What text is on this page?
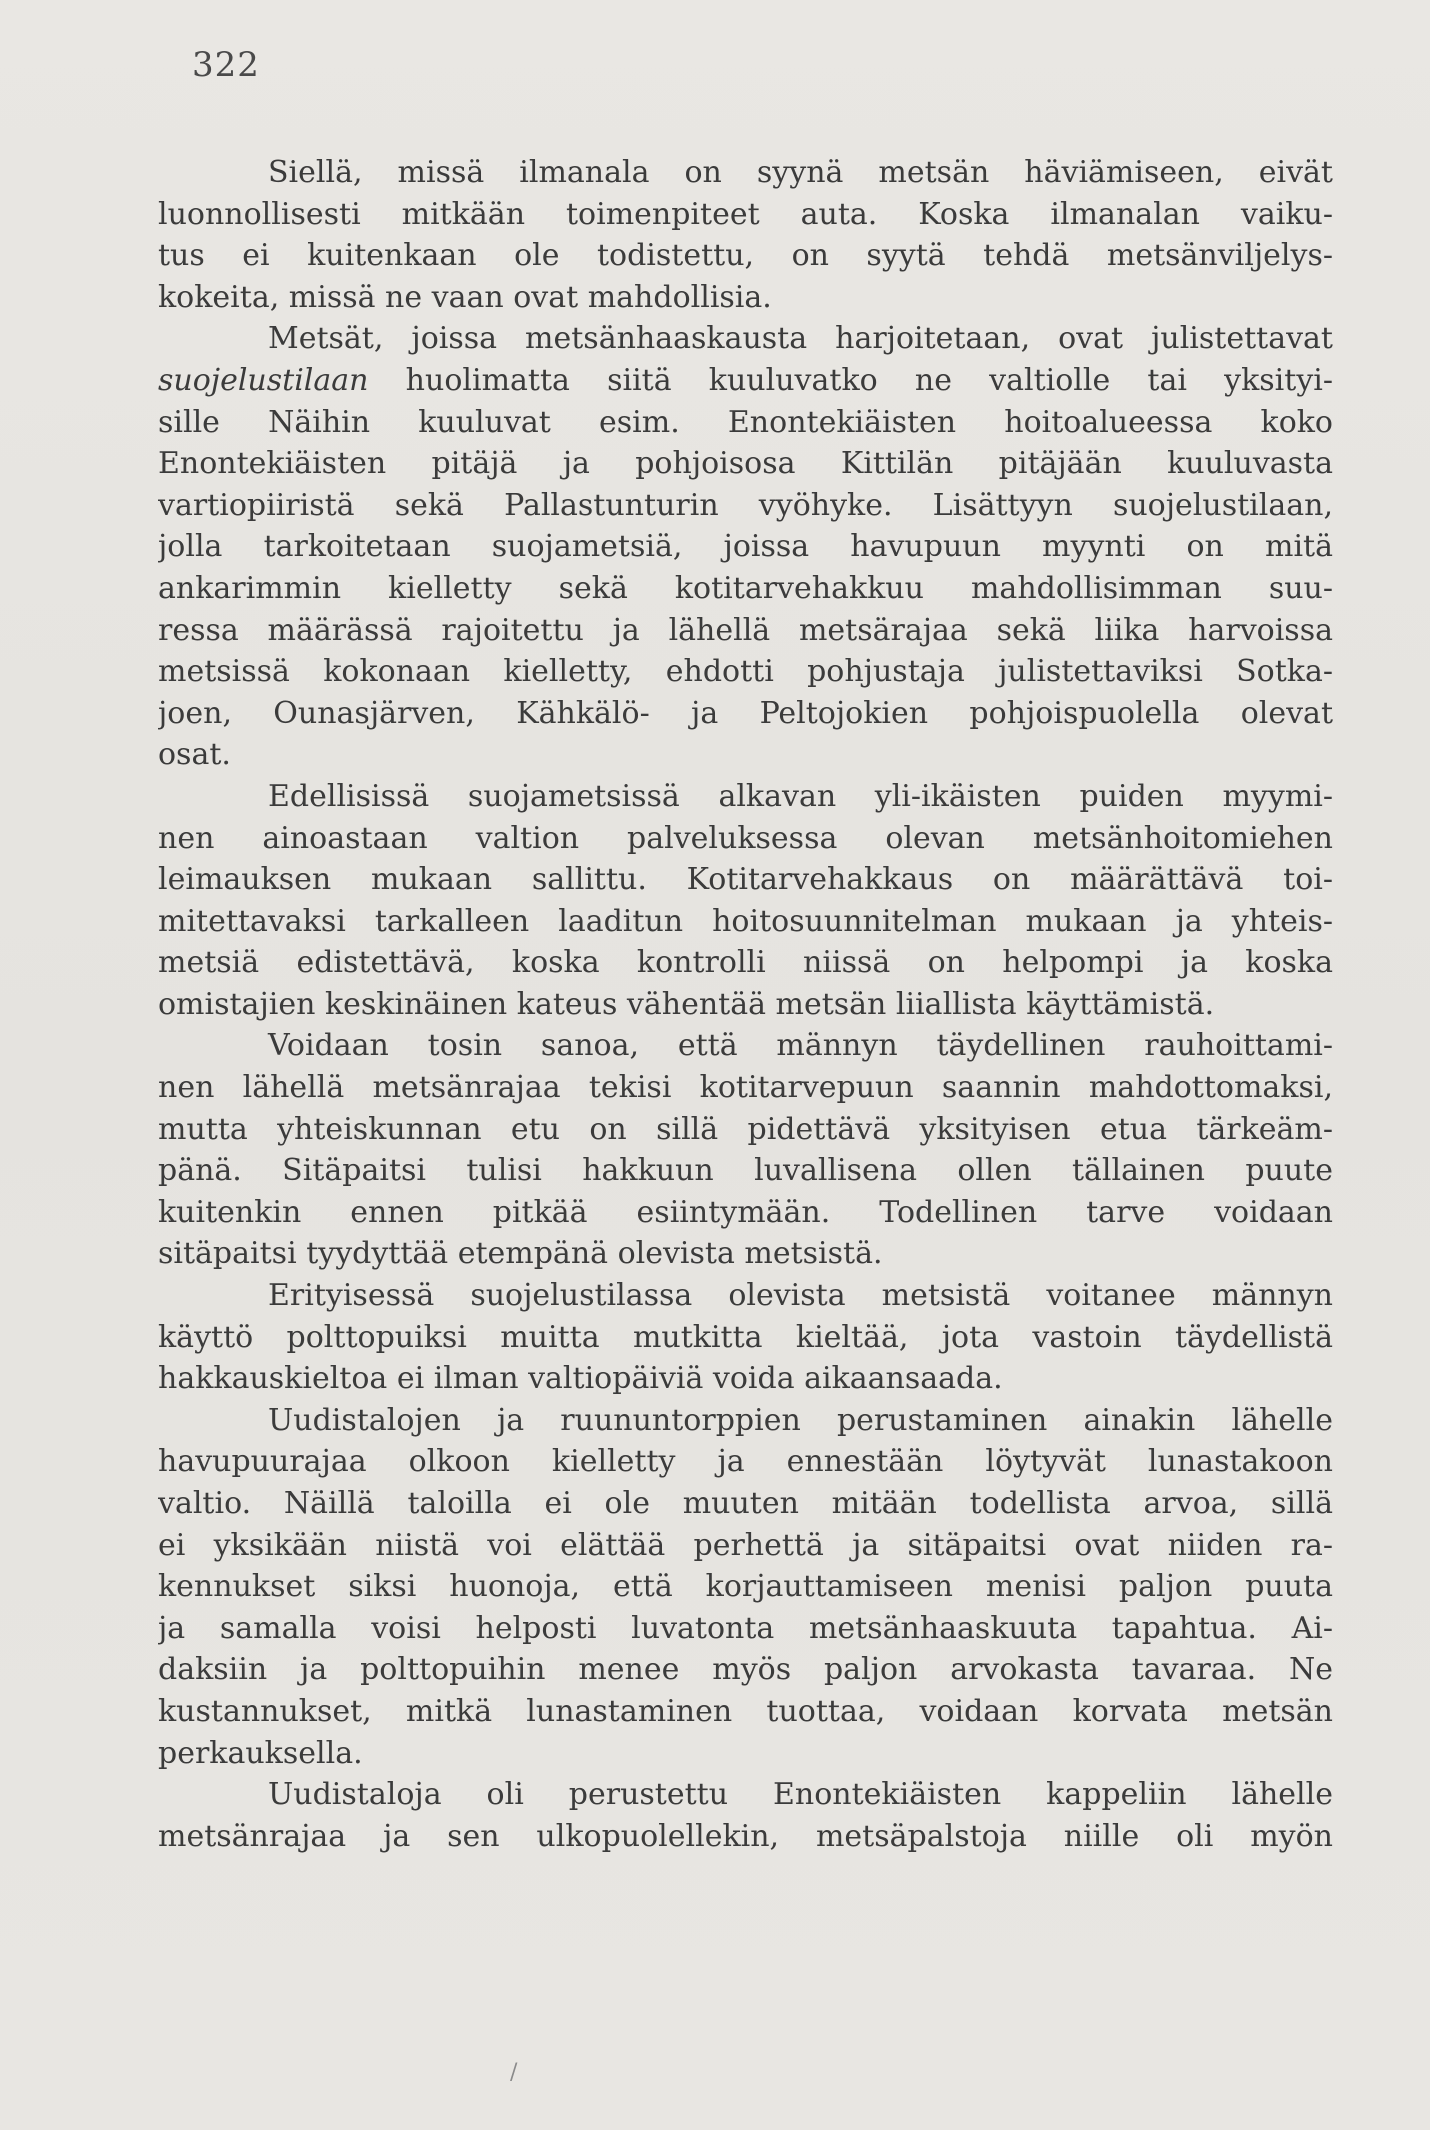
322
Siellä, missä ilmanala on syynä metsän häviämiseen, eivät
luonnollisesti mitkään toimenpiteet auta. Koska ilmanalan vaiku-
tus ei kuitenkaan ole todistettu, on syytä tehdä metsänviljelys-
kokeita, missä ne vaan ovat mahdollisia.
Metsät, joissa metsänhaaskausta harjoitetaan, ovat julistettavat
suojelustilaan huolimatta siitä kuuluvatko ne valtiolle tai yksityi-
sille Näihin kuuluvat esim. Enontekiäisten hoitoalueessa koko
Enontekiäisten pitäjä ja pohjoisosa Kittilän pitäjään kuuluvasta
vartiopiiristä sekä Pallastunturin vyöhyke. Lisättyyn suojelustilaan,
jolla tarkoitetaan suojametsiä, joissa havupuun myynti on mitä
ankarimmin kielletty sekä kotitarvehakkuu mahdollisimman suu-
ressa määrässä rajoitettu ja lähellä metsärajaa sekä liika harvoissa
metsissä kokonaan kielletty, ehdotti pohjustaja julistettaviksi Sotka-
joen, Ounasjärven, Kähkälö- ja Peltojokien pohjoispuolella olevat
osat.
Edellisissä suojametsissä alkavan yli-ikäisten puiden myymi-
nen ainoastaan valtion palveluksessa olevan metsänhoitomiehen
leimauksen mukaan sallittu. Kotitarvehakkaus on määrättävä toi-
mitettavaksi tarkalleen laaditun hoitosuunnitelman mukaan ja yhteis-
metsiä edistettävä, koska kontrolli niissä on helpompi ja koska
omistajien keskinäinen kateus vähentää metsän liiallista käyttämistä.
Voidaan tosin sanoa, että männyn täydellinen rauhoittami-
nen lähellä metsänrajaa tekisi kotitarvepuun saannin mahdottomaksi,
mutta yhteiskunnan etu on sillä pidettävä yksityisen etua tärkeäm-
pänä. Sitäpaitsi tulisi hakkuun luvallisena ollen tällainen puute
kuitenkin ennen pitkää esiintymään. Todellinen tarve voidaan
sitäpaitsi tyydyttää etempänä olevista metsistä.
Erityisessä suojelustilassa olevista metsistä voitanee männyn
käyttö polttopuiksi muitta mutkitta kieltää, jota vastoin täydellistä
hakkauskieltoa ei ilman valtiopäiviä voida aikaansaada.
Uudistalojen ja ruununtorppien perustaminen ainakin lähelle
havupuurajaa olkoon kielletty ja ennestään löytyvät lunastakoon
valtio. Näillä taloilla ei ole muuten mitään todellista arvoa, sillä
ei yksikään niistä voi elättää perhettä ja sitäpaitsi ovat niiden ra-
kennukset siksi huonoja, että korjauttamiseen menisi paljon puuta
ja samalla voisi helposti luvatonta metsänhaaskuuta tapahtua. Ai-
daksiin ja polttopuihin menee myös paljon arvokasta tavaraa. Ne
kustannukset, mitkä lunastaminen tuottaa, voidaan korvata metsän
perkauksella.
Uudistaloja oli perustettu Enontekiäisten kappeliin lähelle
metsänrajaa ja sen ulkopuolellekin, metsäpalstoja niille oli myön
/
